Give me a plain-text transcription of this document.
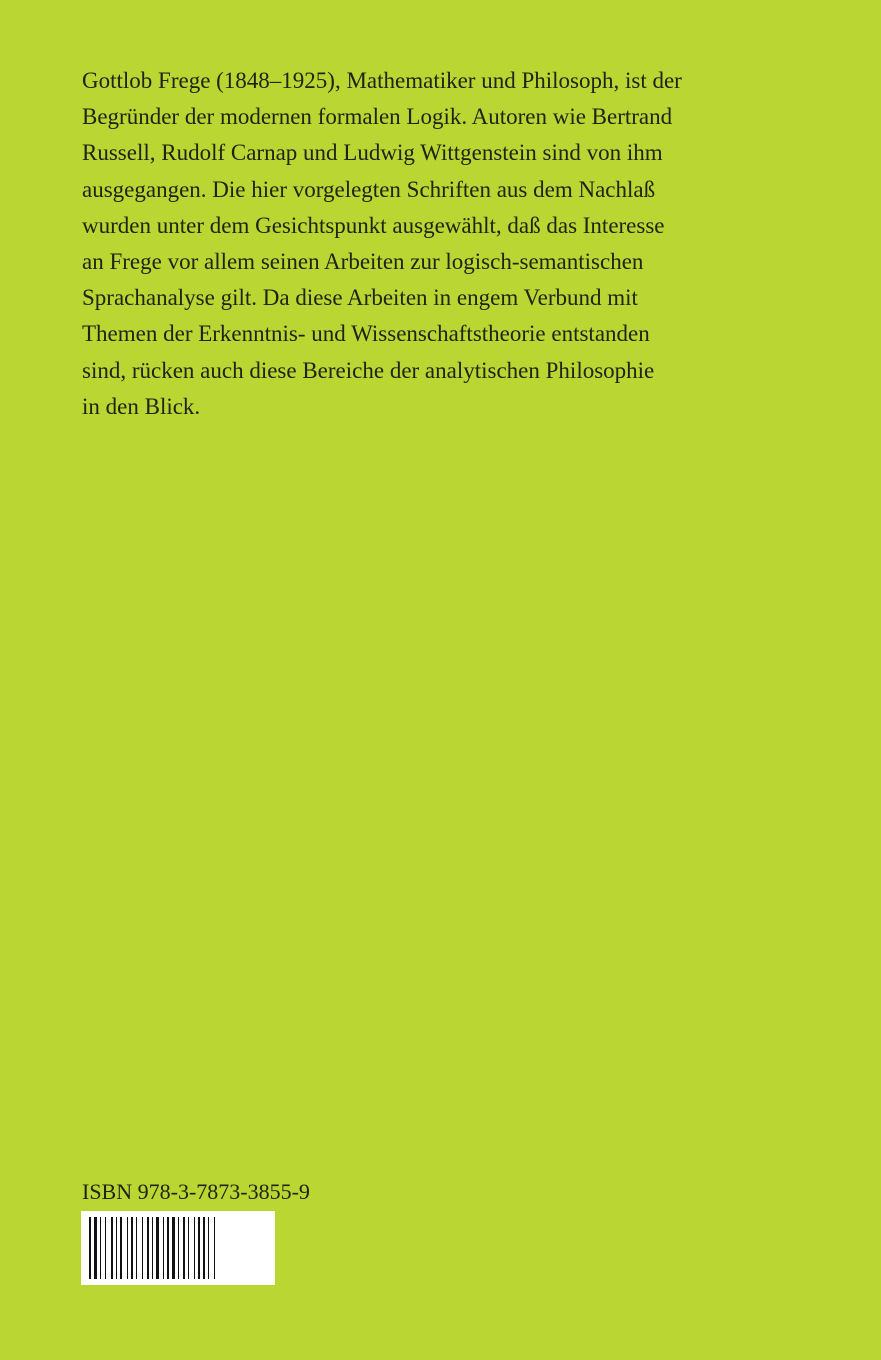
Gottlob Frege (1848–1925), Mathematiker und Philosoph, ist der
Begründer der modernen formalen Logik. Autoren wie Bertrand
Russell, Rudolf Carnap und Ludwig Wittgenstein sind von ihm
ausgegangen. Die hier vorgelegten Schriften aus dem Nachlaß
wurden unter dem Gesichtspunkt ausgewählt, daß das Interesse
an Frege vor allem seinen Arbeiten zur logisch-semantischen
Sprachanalyse gilt. Da diese Arbeiten in engem Verbund mit
Themen der Erkenntnis- und Wissenschaftstheorie entstanden
sind, rücken auch diese Bereiche der analytischen Philosophie
in den Blick.

ISBN 978-3-7873-3855-9
